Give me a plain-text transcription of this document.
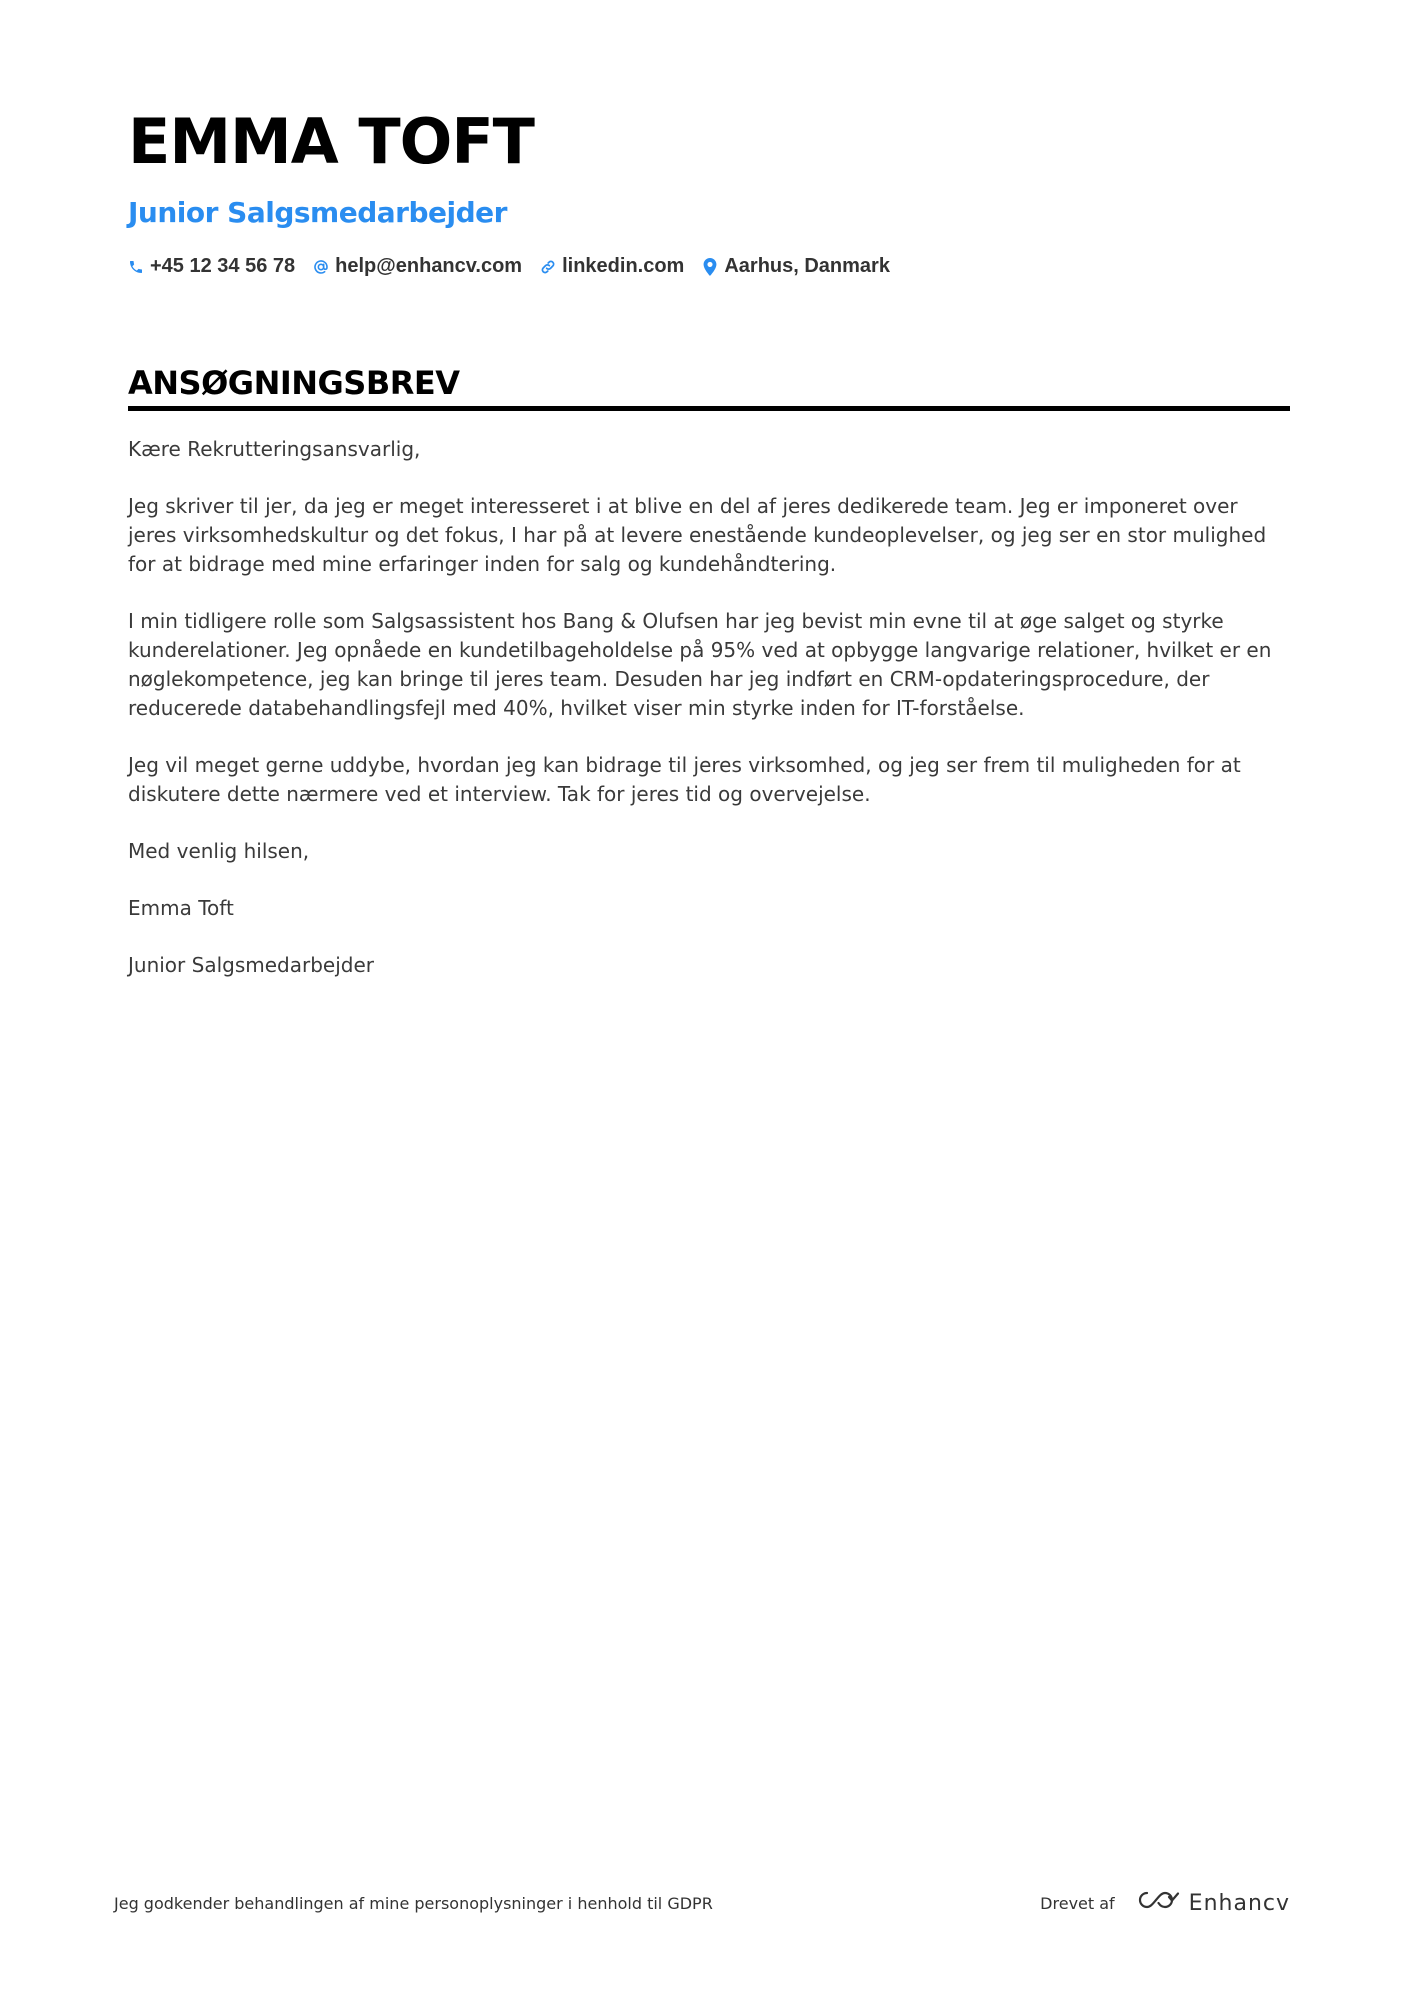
EMMA TOFT
Junior Salgsmedarbejder
+45 12 34 56 78 help@enhancv.com linkedin.com Aarhus, Danmark
ANSØGNINGSBREV

Kære Rekrutteringsansvarlig,

Jeg skriver til jer, da jeg er meget interesseret i at blive en del af jeres dedikerede team. Jeg er imponeret over jeres virksomhedskultur og det fokus, I har på at levere enestående kundeoplevelser, og jeg ser en stor mulighed for at bidrage med mine erfaringer inden for salg og kundehåndtering.

I min tidligere rolle som Salgsassistent hos Bang & Olufsen har jeg bevist min evne til at øge salget og styrke kunderelationer. Jeg opnåede en kundetilbageholdelse på 95% ved at opbygge langvarige relationer, hvilket er en nøglekompetence, jeg kan bringe til jeres team. Desuden har jeg indført en CRM-opdateringsprocedure, der reducerede databehandlingsfejl med 40%, hvilket viser min styrke inden for IT-forståelse.

Jeg vil meget gerne uddybe, hvordan jeg kan bidrage til jeres virksomhed, og jeg ser frem til muligheden for at diskutere dette nærmere ved et interview. Tak for jeres tid og overvejelse.

Med venlig hilsen,

Emma Toft

Junior Salgsmedarbejder

Jeg godkender behandlingen af mine personoplysninger i henhold til GDPR	Drevet af	Enhancv
